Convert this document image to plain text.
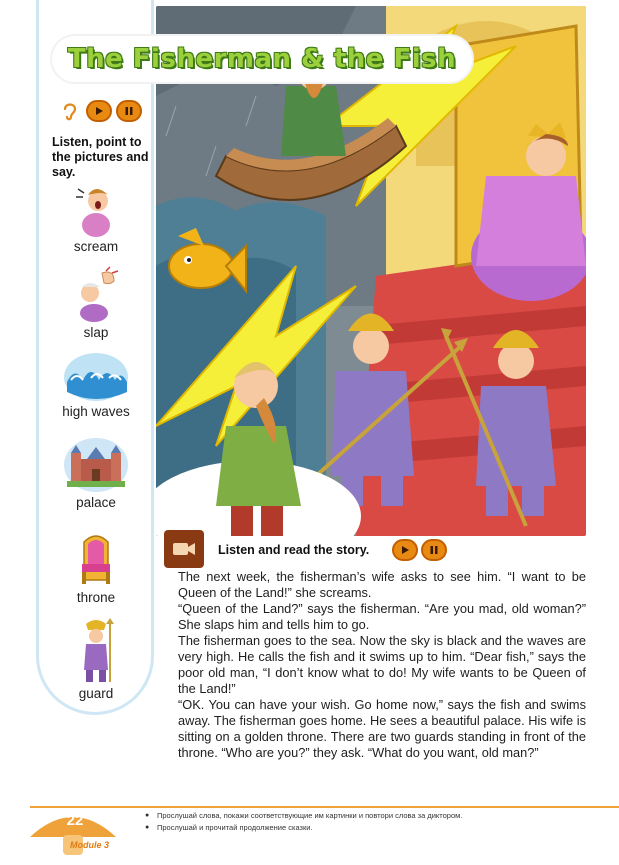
Listen, point to the pictures and say.
scream
slap
high waves
palace
throne
guard
The Fisherman & the Fish
Listen and read the story.

The next week, the fisherman’s wife asks to see him. “I want to be Queen of the Land!” she screams.

“Queen of the Land?” says the fisherman. “Are you mad, old woman?” She slaps him and tells him to go.

The fisherman goes to the sea. Now the sky is black and the waves are very high. He calls the fish and it swims up to him. “Dear fish,” says the poor old man, “I don’t know what to do! My wife wants to be Queen of the Land!”

“OK. You can have your wish. Go home now,” says the fish and swims away. The fisherman goes home. He sees a beautiful palace. His wife is sitting on a golden throne. There are two guards standing in front of the throne. “Who are you?” they ask. “What do you want, old man?”

22
Module 3
● Прослушай слова, покажи соответствующие им картинки и повтори слова за диктором.
● Прослушай и прочитай продолжение сказки.
